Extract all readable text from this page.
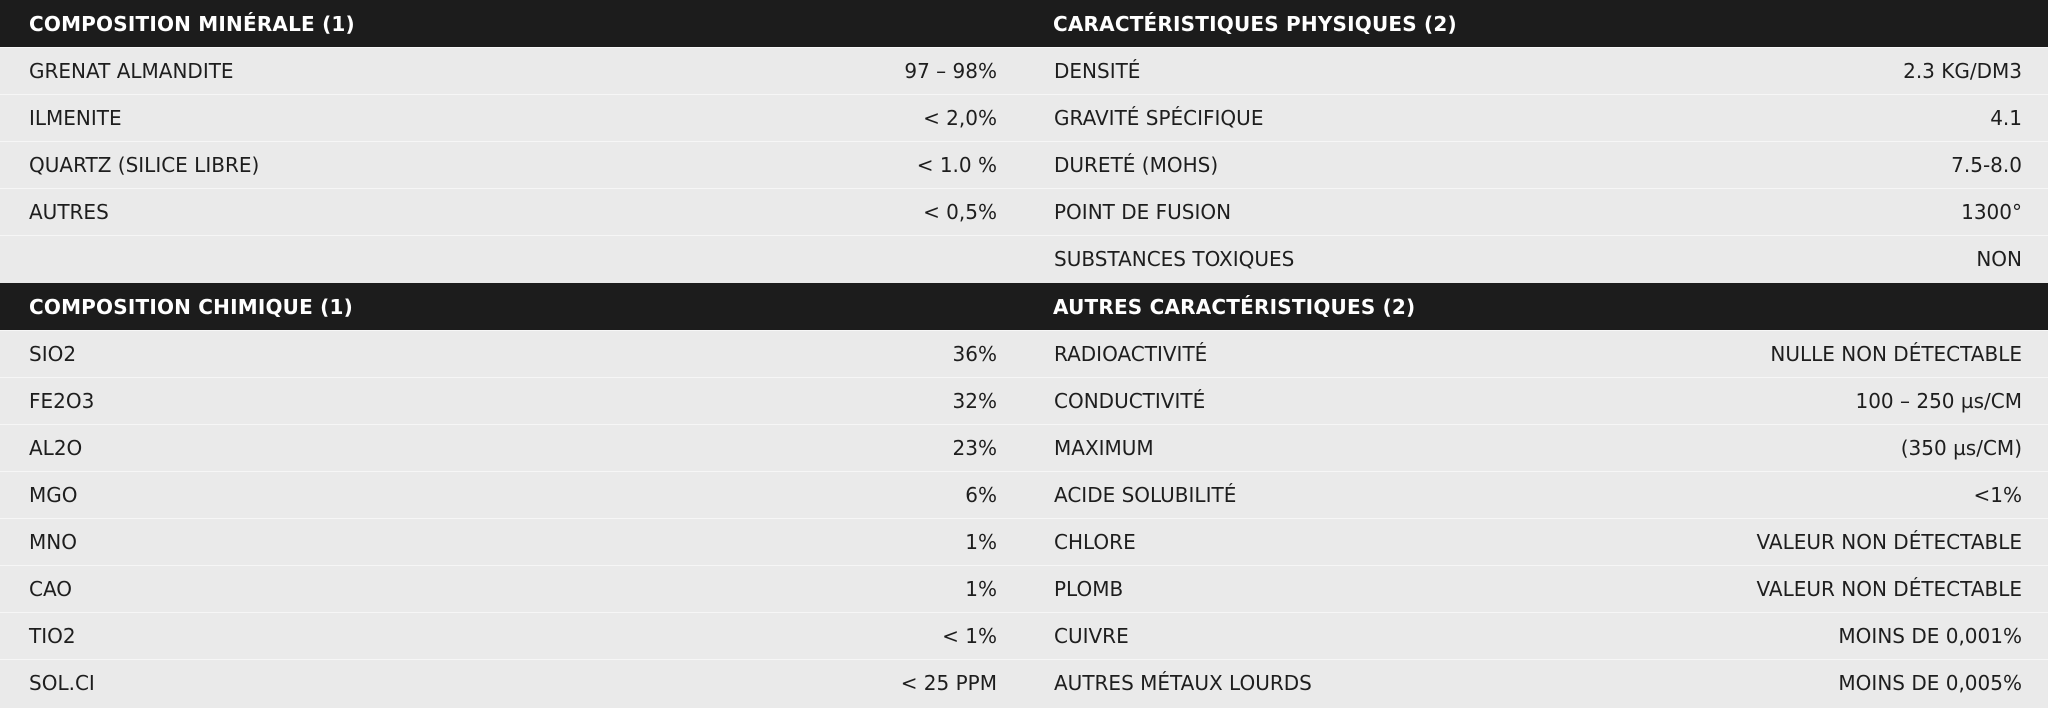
COMPOSITION MINÉRALE (1)
GRENAT ALMANDITE	97 – 98%
ILMENITE	< 2,0%
QUARTZ (SILICE LIBRE)	< 1.0 %
AUTRES	< 0,5%
CARACTÉRISTIQUES PHYSIQUES (2)
DENSITÉ	2.3 KG/DM3
GRAVITÉ SPÉCIFIQUE	4.1
DURETÉ (MOHS)	7.5-8.0
POINT DE FUSION	1300°
SUBSTANCES TOXIQUES	NON
COMPOSITION CHIMIQUE (1)
SIO2	36%
FE2O3	32%
AL2O	23%
MGO	6%
MNO	1%
CAO	1%
TIO2	< 1%
SOL.CI	< 25 PPM
AUTRES CARACTÉRISTIQUES (2)
RADIOACTIVITÉ	NULLE NON DÉTECTABLE
CONDUCTIVITÉ	100 – 250 µs/CM
MAXIMUM	(350 µs/CM)
ACIDE SOLUBILITÉ	<1%
CHLORE	VALEUR NON DÉTECTABLE
PLOMB	VALEUR NON DÉTECTABLE
CUIVRE	MOINS DE 0,001%
AUTRES MÉTAUX LOURDS	MOINS DE 0,005%
